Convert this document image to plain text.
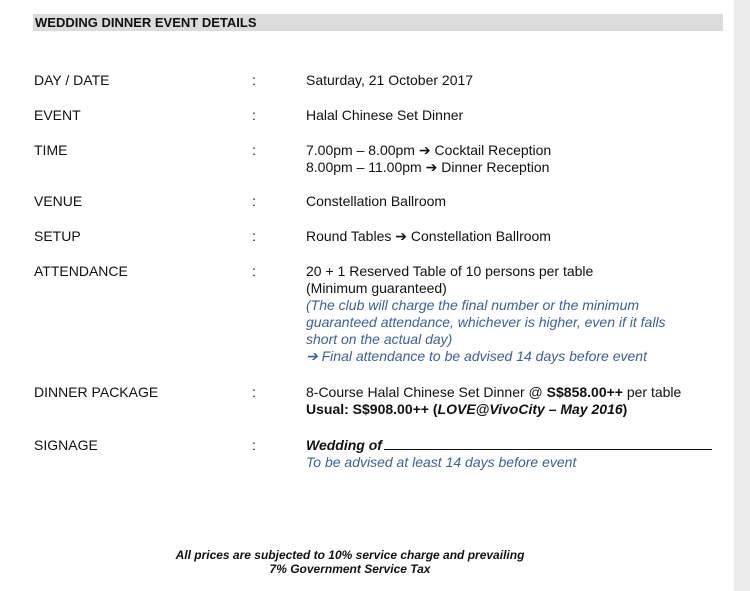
WEDDING DINNER EVENT DETAILS
DAY / DATE	:	Saturday, 21 October 2017
EVENT	:	Halal Chinese Set Dinner
TIME	:	7.00pm – 8.00pm ➔ Cocktail Reception
8.00pm – 11.00pm ➔ Dinner Reception
VENUE	:	Constellation Ballroom
SETUP	:	Round Tables ➔ Constellation Ballroom
ATTENDANCE	:	20 + 1 Reserved Table of 10 persons per table
(Minimum guaranteed)
(The club will charge the final number or the minimum
guaranteed attendance, whichever is higher, even if it falls
short on the actual day)
➔ Final attendance to be advised 14 days before event
DINNER PACKAGE	:	8-Course Halal Chinese Set Dinner @ S$858.00++ per table
Usual: S$908.00++ (LOVE@VivoCity – May 2016)
SIGNAGE	:	Wedding of
To be advised at least 14 days before event
All prices are subjected to 10% service charge and prevailing
7% Government Service Tax
